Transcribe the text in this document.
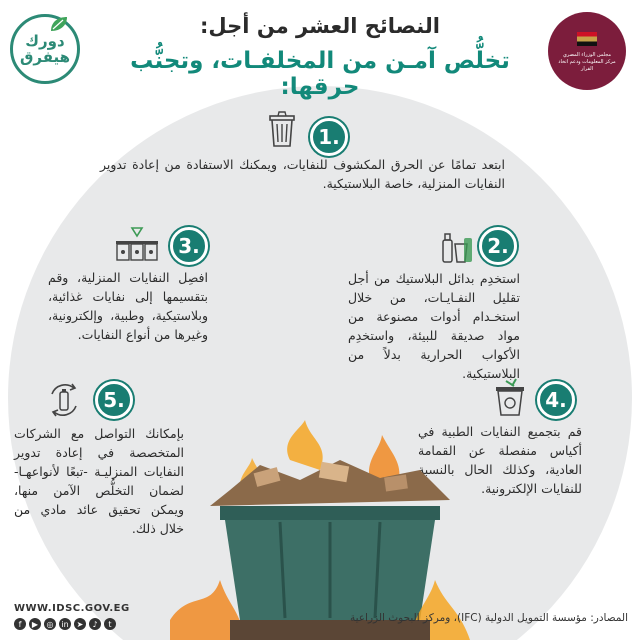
النصائح العشر من أجل:
تخلُّص آمـن من المخلفـات، وتجنُّب حرقها:
دورك
هيفرق	مجلس الوزراء المصري
مركز المعلومات ودعم اتخاذ القرار
1.
ابتعد تمامًا عن الحرق المكشوف للنفايات، ويمكنك الاستفادة من إعادة تدوير النفايات المنزلية، خاصة البلاستيكية.
2.
استخدِم بدائل البلاستيك من أجل تقليل النفـايـات، من خلال استخـدام أدوات مصنوعة من مواد صديقة للبيئة، واستخدِم الأكواب الحرارية بدلاً من البلاستيكية.
3.
افصِل النفايات المنزلية، وقم بتقسيمها إلى نفايات غذائية، وبلاستيكية، وطبية، وإلكترونية، وغيرها من أنواع النفايات.
4.
قم بتجميع النفايات الطبية في أكياس منفصلة عن القمامة العادية، وكذلك الحال بالنسبة للنفايات الإلكترونية.
5.
بإمكانك التواصل مع الشركات المتخصصة في إعادة تدوير النفايات المنزليـة -تبعًا لأنواعهـا- لضمان التخلُّص الآمن منها، ويمكن تحقيق عائد مادي من خلال ذلك.
WWW.IDSC.GOV.EG
f	▶	◎ in	➤	♪	t	المصادر: مؤسسة التمويل الدولية (IFC)، ومركز البحوث الزراعية
